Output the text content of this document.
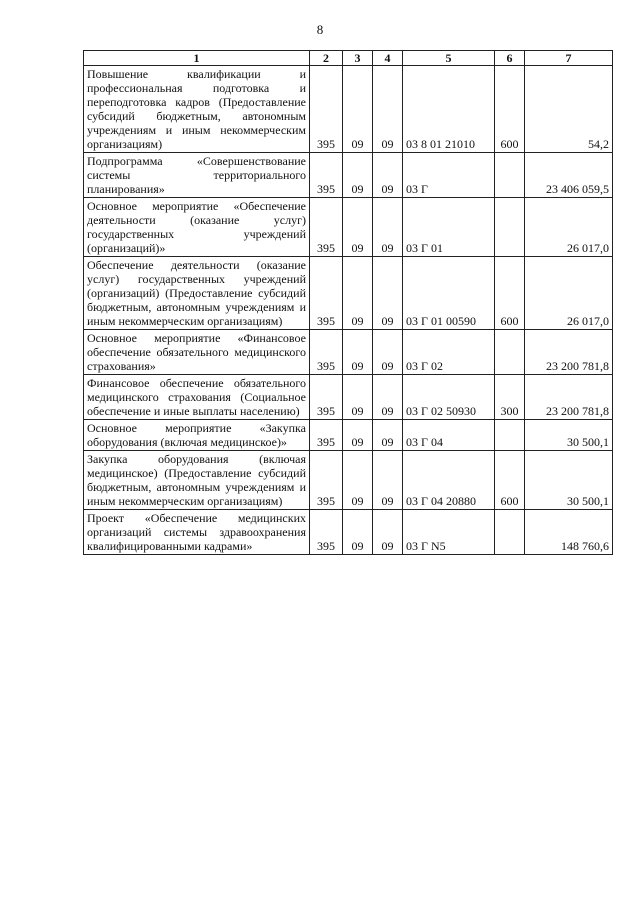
8
1	2	3	4	5	6	7
Повышение квалификации и профессиональная подготовка и переподготовка кадров (Предоставление субсидий бюджетным, автономным учреждениям и иным некоммерческим организациям)	395	09	09	03 8 01 21010	600	54,2
Подпрограмма «Совершенствование системы территориального планирования»	395	09	09	03 Г		23 406 059,5
Основное мероприятие «Обеспечение деятельности (оказание услуг) государственных учреждений (организаций)»	395	09	09	03 Г 01		26 017,0
Обеспечение деятельности (оказание услуг) государственных учреждений (организаций) (Предоставление субсидий бюджетным, автономным учреждениям и иным некоммерческим организациям)	395	09	09	03 Г 01 00590	600	26 017,0
Основное мероприятие «Финансовое обеспечение обязательного медицинского страхования»	395	09	09	03 Г 02		23 200 781,8
Финансовое обеспечение обязательного медицинского страхования (Социальное обеспечение и иные выплаты населению)	395	09	09	03 Г 02 50930	300	23 200 781,8
Основное мероприятие «Закупка оборудования (включая медицинское)»	395	09	09	03 Г 04		30 500,1
Закупка оборудования (включая медицинское) (Предоставление субсидий бюджетным, автономным учреждениям и иным некоммерческим организациям)	395	09	09	03 Г 04 20880	600	30 500,1
Проект «Обеспечение медицинских организаций системы здравоохранения квалифицированными кадрами»	395	09	09	03 Г N5		148 760,6
